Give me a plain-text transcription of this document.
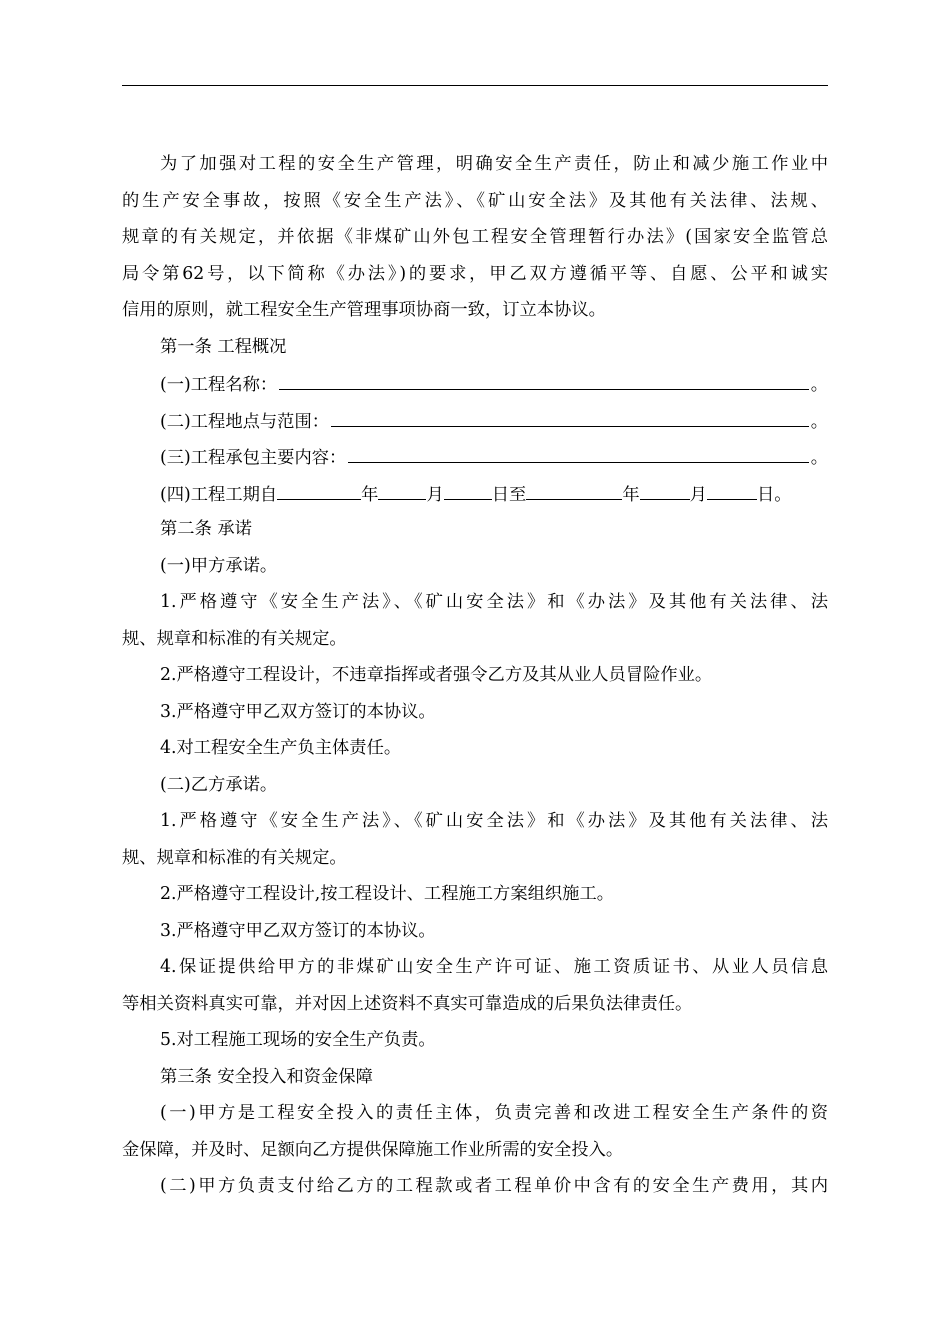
为了加强对工程的安全生产管理，明确安全生产责任，防止和减少施工作业中
的生产安全事故，按照《安全生产法》、《矿山安全法》及其他有关法律、法规、
规章的有关规定，并依据《非煤矿山外包工程安全管理暂行办法》(国家安全监管总
局令第62号，以下简称《办法》)的要求，甲乙双方遵循平等、自愿、公平和诚实
信用的原则，就工程安全生产管理事项协商一致，订立本协议。
第一条 工程概况
(一)工程名称：	。
(二)工程地点与范围：	。
(三)工程承包主要内容：	。
(四)工程工期自	年	月	日至	年	月	日。
第二条 承诺
(一)甲方承诺。
1.严格遵守《安全生产法》、《矿山安全法》和《办法》及其他有关法律、法
规、规章和标准的有关规定。
2.严格遵守工程设计，不违章指挥或者强令乙方及其从业人员冒险作业。
3.严格遵守甲乙双方签订的本协议。
4.对工程安全生产负主体责任。
(二)乙方承诺。
1.严格遵守《安全生产法》、《矿山安全法》和《办法》及其他有关法律、法
规、规章和标准的有关规定。
2.严格遵守工程设计,按工程设计、工程施工方案组织施工。
3.严格遵守甲乙双方签订的本协议。
4.保证提供给甲方的非煤矿山安全生产许可证、施工资质证书、从业人员信息
等相关资料真实可靠，并对因上述资料不真实可靠造成的后果负法律责任。
5.对工程施工现场的安全生产负责。
第三条 安全投入和资金保障
(一)甲方是工程安全投入的责任主体，负责完善和改进工程安全生产条件的资
金保障，并及时、足额向乙方提供保障施工作业所需的安全投入。
(二)甲方负责支付给乙方的工程款或者工程单价中含有的安全生产费用，其内
